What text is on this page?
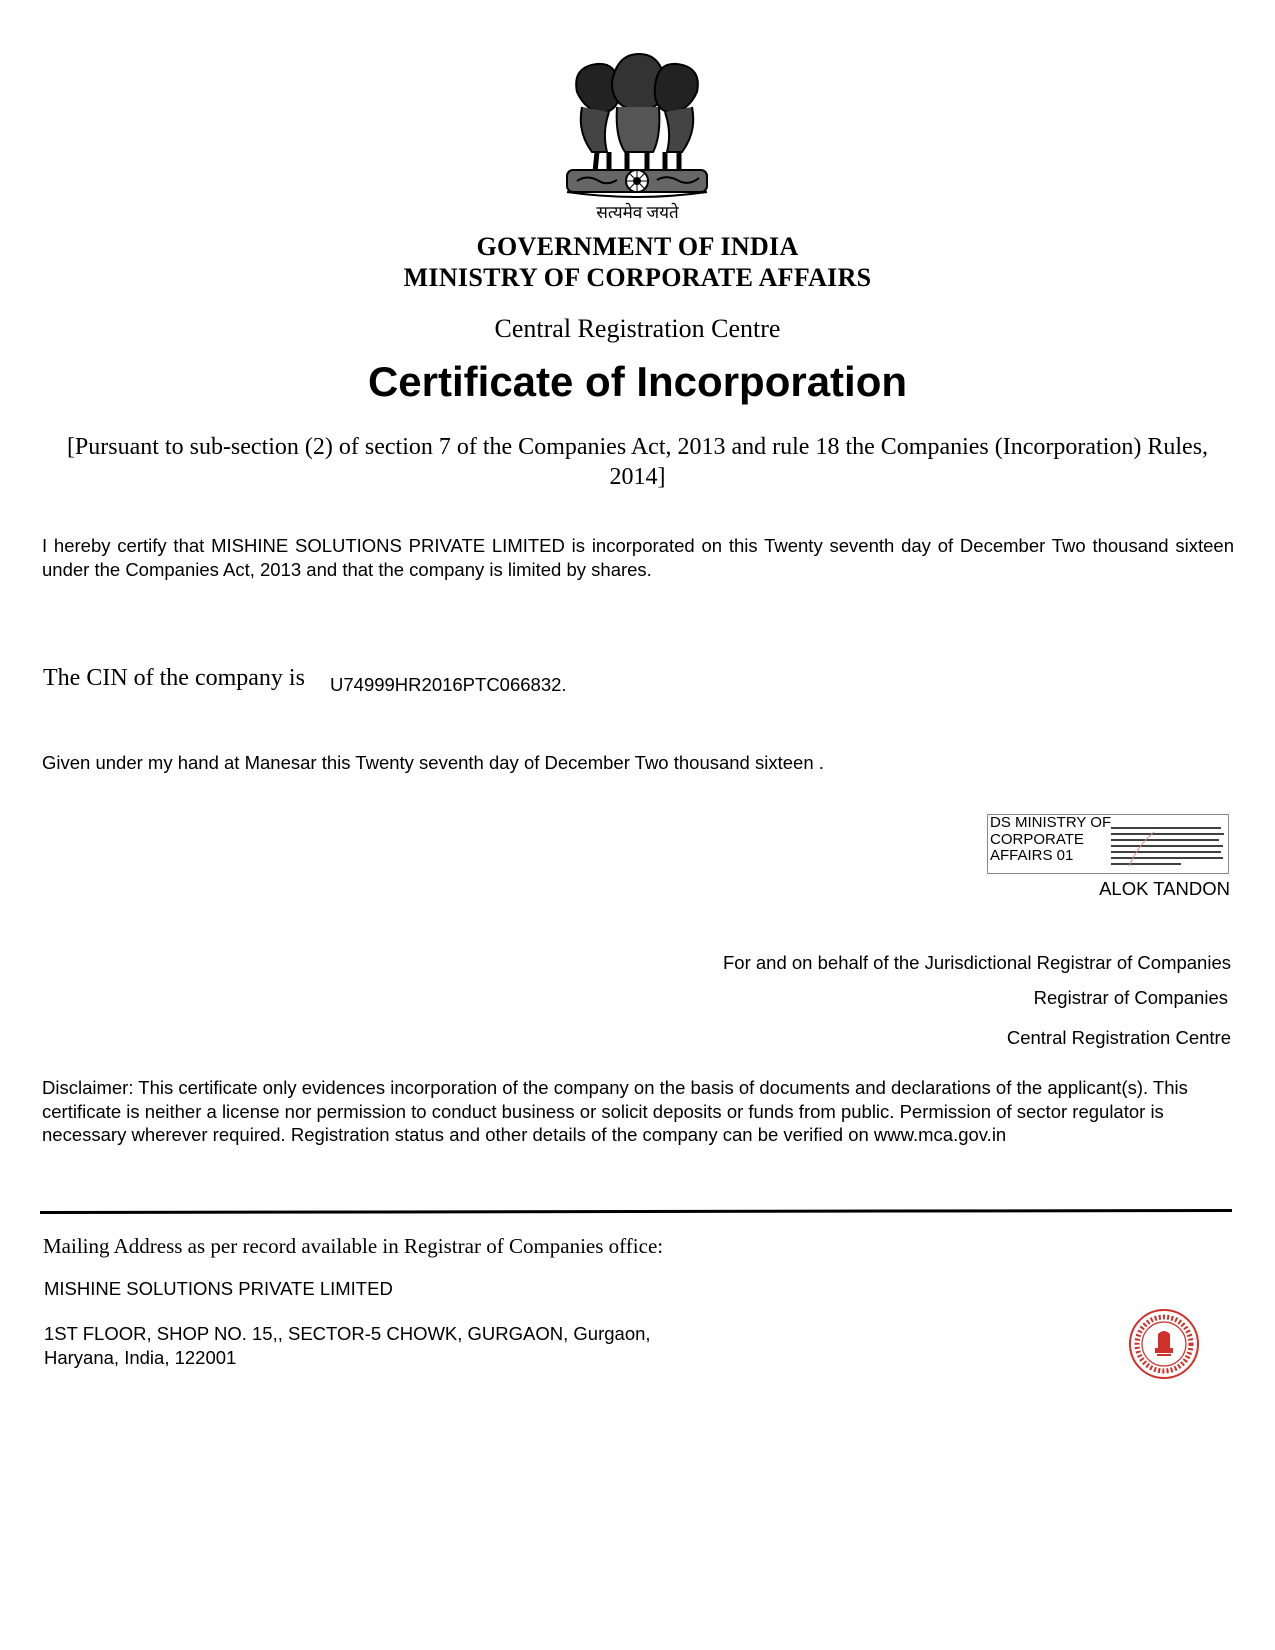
सत्यमेव जयते
GOVERNMENT OF INDIA
MINISTRY OF CORPORATE AFFAIRS
Central Registration Centre
Certificate of Incorporation
[Pursuant to sub-section (2) of section 7 of the Companies Act, 2013 and rule 18 the Companies (Incorporation) Rules, 2014]
I hereby certify that MISHINE SOLUTIONS PRIVATE LIMITED is incorporated on this Twenty seventh day of December Two thousand sixteen under the Companies Act, 2013 and that the company is limited by shares.
The CIN of the company is U74999HR2016PTC066832.
Given under my hand at Manesar this Twenty seventh day of December Two thousand sixteen .
DS MINISTRY OF
CORPORATE
AFFAIRS 01
ALOK TANDON
For and on behalf of the Jurisdictional Registrar of Companies
Registrar of Companies
Central Registration Centre
Disclaimer: This certificate only evidences incorporation of the company on the basis of documents and declarations of the applicant(s). This certificate is neither a license nor permission to conduct business or solicit deposits or funds from public. Permission of sector regulator is necessary wherever required. Registration status and other details of the company can be verified on www.mca.gov.in
Mailing Address as per record available in Registrar of Companies office:
MISHINE SOLUTIONS PRIVATE LIMITED
1ST FLOOR, SHOP NO. 15,, SECTOR-5 CHOWK, GURGAON, Gurgaon,
Haryana, India, 122001
